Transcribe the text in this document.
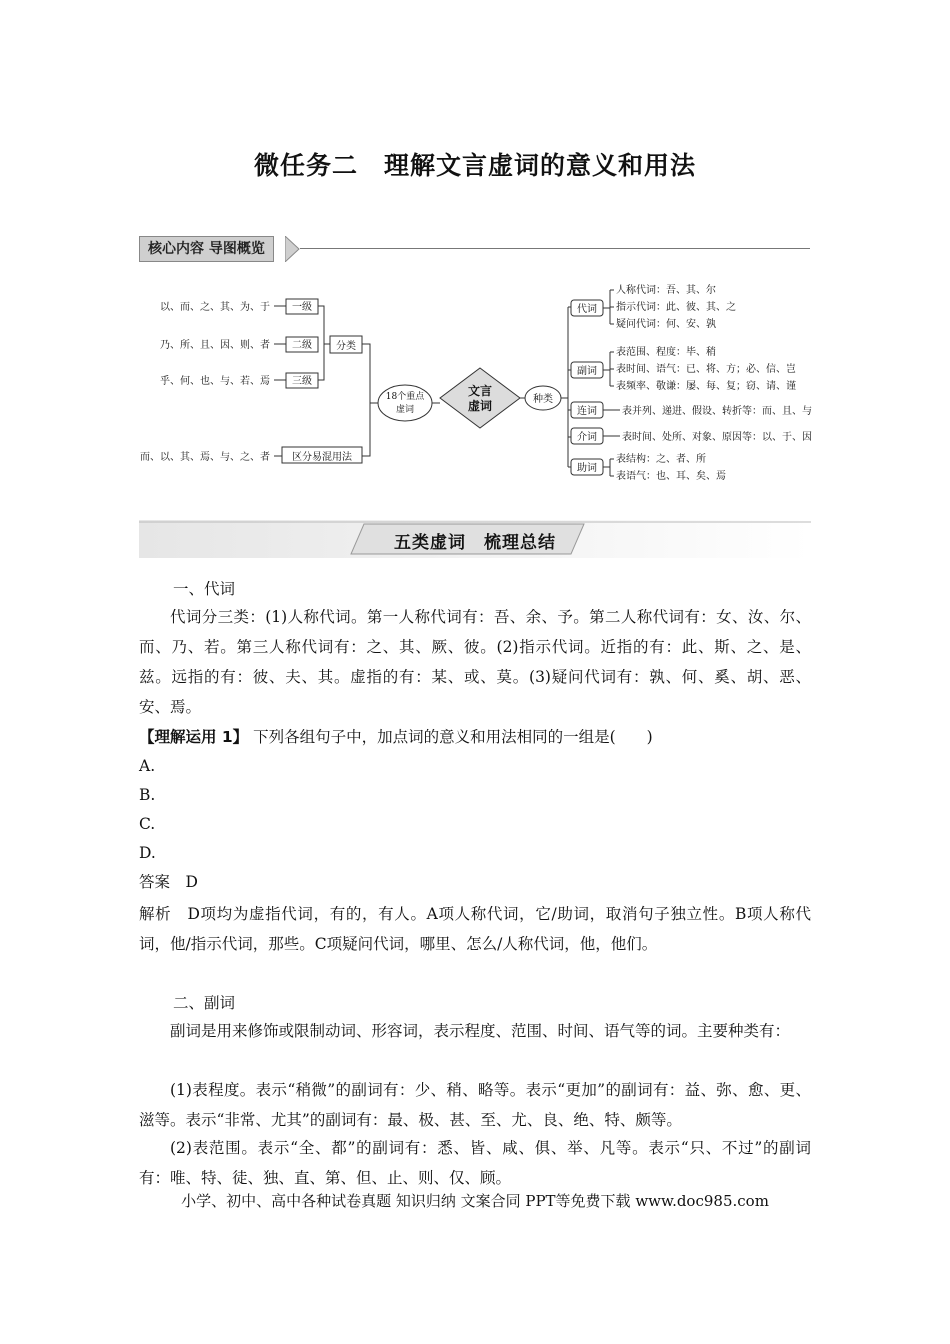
微任务二　理解文言虚词的意义和用法
核心内容 导图概览
以、而、之、其、为、于
乃、所、且、因、则、者
乎、何、也、与、若、焉
而、以、其、焉、与、之、者
一级
二级
三级
分类
区分易混用法
18个重点
虚词
文言
虚词	种类
代词
副词
连词
介词
助词
人称代词：吾、其、尔
指示代词：此、彼、其、之
疑问代词：何、安、孰
表范围、程度：毕、稍
表时间、语气：已、将、方；必、信、岂
表频率、敬谦：屡、每、复；窃、请、谨
表并列、递进、假设、转折等：而、且、与
表时间、处所、对象、原因等：以、于、因
表结构：之、者、所
表语气：也、耳、矣、焉
五类虚词　梳理总结
一、代词
代词分三类：(1)人称代词。第一人称代词有：吾、余、予。第二人称代词有：女、汝、尔、而、乃、若。第三人称代词有：之、其、厥、彼。(2)指示代词。近指的有：此、斯、之、是、兹。远指的有：彼、夫、其。虚指的有：某、或、莫。(3)疑问代词有：孰、何、奚、胡、恶、安、焉。
【理解运用 1】 下列各组句子中，加点词的意义和用法相同的一组是(　　)
A.
B.
C.
D.
答案　 D
解析　 D项均为虚指代词，有的，有人。A项人称代词，它/助词，取消句子独立性。B项人称代词，他/指示代词，那些。C项疑问代词，哪里、怎么/人称代词，他，他们。
二、副词
副词是用来修饰或限制动词、形容词，表示程度、范围、时间、语气等的词。主要种类有：
(1)表程度。表示“稍微”的副词有：少、稍、略等。表示“更加”的副词有：益、弥、愈、更、滋等。表示“非常、尤其”的副词有：最、极、甚、至、尤、良、绝、特、颇等。
(2)表范围。表示“全、都”的副词有：悉、皆、咸、俱、举、凡等。表示“只、不过”的副词有：唯、特、徒、独、直、第、但、止、则、仅、顾。
小学、初中、高中各种试卷真题 知识归纳 文案合同 PPT等免费下载 www.doc985.com
